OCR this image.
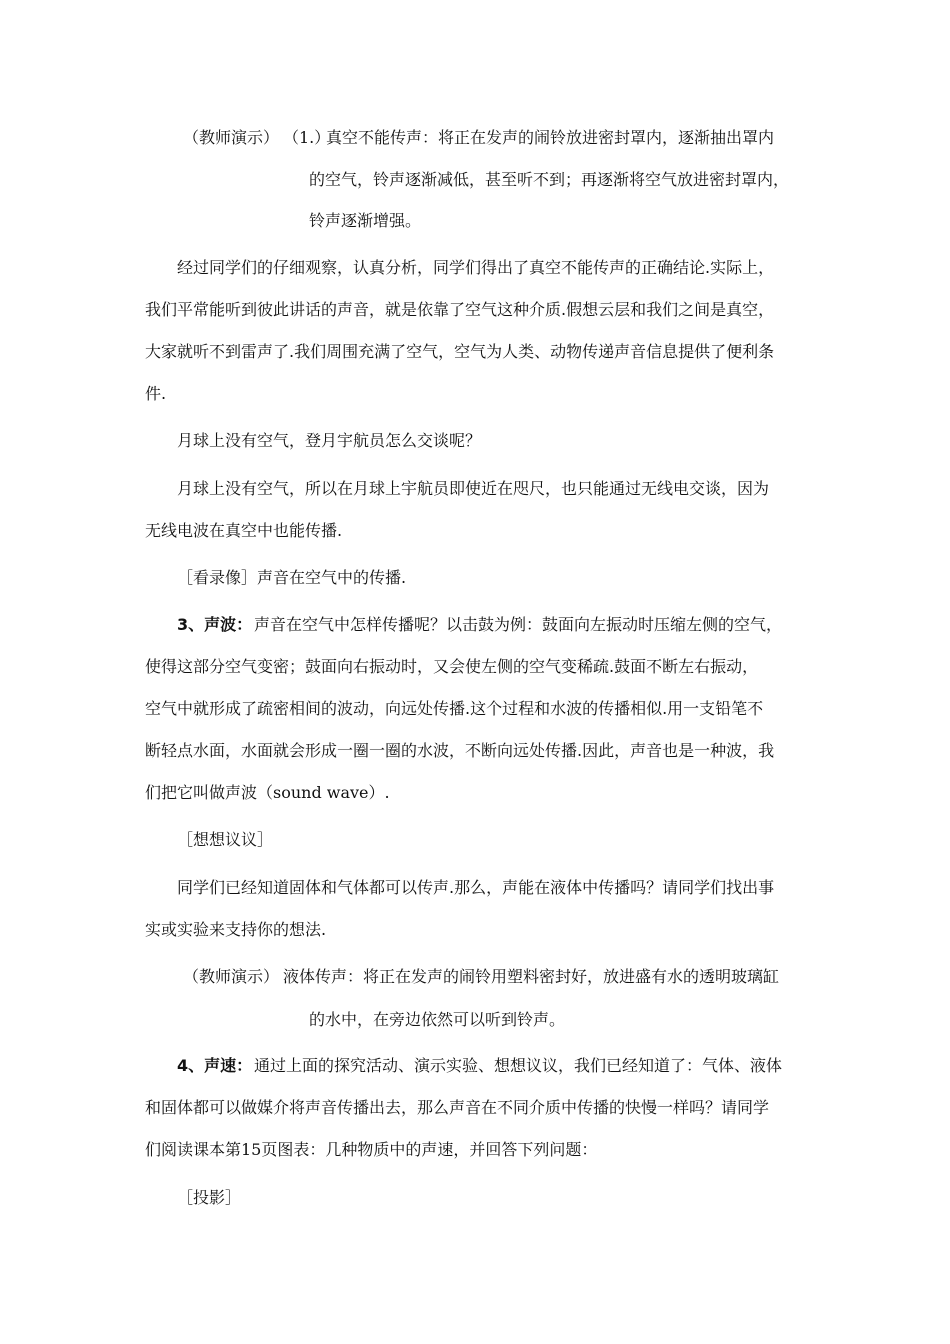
（教师演示） （1.）
真空不能传声：将正在发声的闹铃放进密封罩内，逐渐抽出罩内
的空气，铃声逐渐减低，甚至听不到；再逐渐将空气放进密封罩内，
铃声逐渐增强。
经过同学们的仔细观察，认真分析，同学们得出了真空不能传声的正确结论.实际上，
我们平常能听到彼此讲话的声音，就是依靠了空气这种介质.假想云层和我们之间是真空，
大家就听不到雷声了.我们周围充满了空气，空气为人类、动物传递声音信息提供了便利条
件.
月球上没有空气，登月宇航员怎么交谈呢？
月球上没有空气，所以在月球上宇航员即使近在咫尺，也只能通过无线电交谈，因为
无线电波在真空中也能传播.
［看录像］声音在空气中的传播.
3、声波： 声音在空气中怎样传播呢？以击鼓为例：鼓面向左振动时压缩左侧的空气，
使得这部分空气变密；鼓面向右振动时，又会使左侧的空气变稀疏.鼓面不断左右振动，
空气中就形成了疏密相间的波动，向远处传播.这个过程和水波的传播相似.用一支铅笔不
断轻点水面，水面就会形成一圈一圈的水波，不断向远处传播.因此，声音也是一种波，我
们把它叫做声波（sound wave）.
［想想议议］
同学们已经知道固体和气体都可以传声.那么，声能在液体中传播吗？请同学们找出事
实或实验来支持你的想法.
（教师演示） 液体传声：将正在发声的闹铃用塑料密封好，放进盛有水的透明玻璃缸
的水中，在旁边依然可以听到铃声。
4、声速： 通过上面的探究活动、演示实验、想想议议，我们已经知道了：气体、液体
和固体都可以做媒介将声音传播出去，那么声音在不同介质中传播的快慢一样吗？请同学
们阅读课本第15页图表：几种物质中的声速，并回答下列问题：
［投影］
